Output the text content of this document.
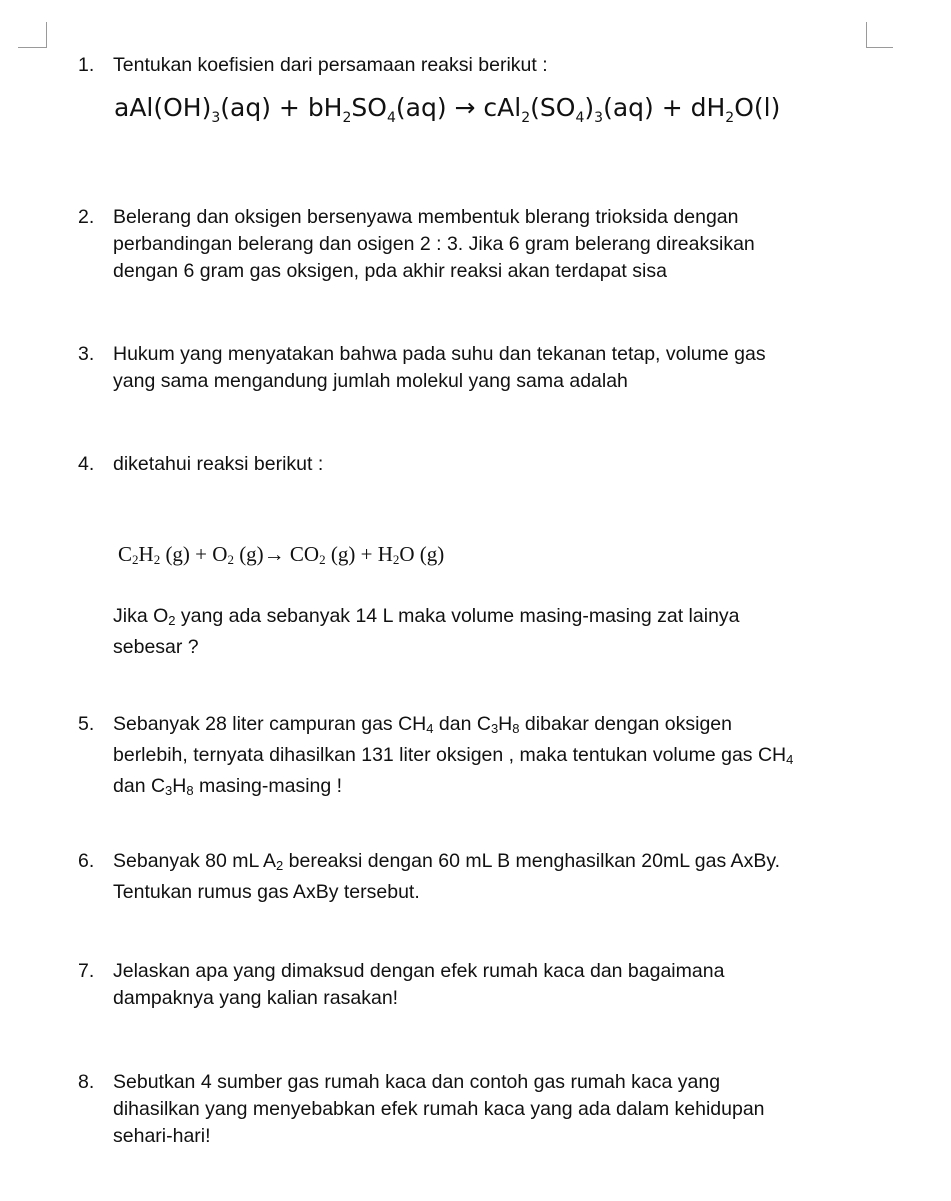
1. Tentukan koefisien dari persamaan reaksi berikut :

$aAl(OH)_3(aq) + bH_2SO_4(aq) \to cAl_2(SO_4)_3(aq) + dH_2O(l)$
2. Belerang dan oksigen bersenyawa membentuk blerang trioksida dengan

perbandingan belerang dan osigen 2 : 3. Jika 6 gram belerang direaksikan

dengan 6 gram gas oksigen, pda akhir reaksi akan terdapat sisa

3. Hukum yang menyatakan bahwa pada suhu dan tekanan tetap, volume gas

yang sama mengandung jumlah molekul yang sama adalah

4. diketahui reaksi berikut :

$C_2H_2$ $(g) + O_2$ $(g)\to CO_2$ $(g) + H_2O$ (g)

Jika O2 yang ada sebanyak 14 L maka volume masing-masing zat lainya

sebesar ?

5. Sebanyak 28 liter campuran gas CH4 dan C3H8 dibakar dengan oksigen

berlebih, ternyata dihasilkan 131 liter oksigen , maka tentukan volume gas CH4

dan C3H8 masing-masing !

6. Sebanyak 80 mL A2 bereaksi dengan 60 mL B menghasilkan 20mL gas AxBy.

Tentukan rumus gas AxBy tersebut.

7. Jelaskan apa yang dimaksud dengan efek rumah kaca dan bagaimana

dampaknya yang kalian rasakan!

8. Sebutkan 4 sumber gas rumah kaca dan contoh gas rumah kaca yang

dihasilkan yang menyebabkan efek rumah kaca yang ada dalam kehidupan

sehari-hari!
